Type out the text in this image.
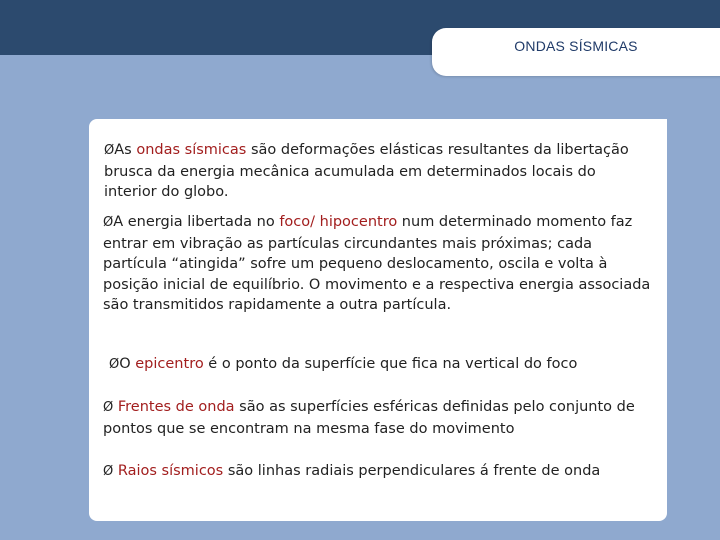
ONDAS SÍSMICAS

ØAs ondas sísmicas são deformações elásticas resultantes da libertação brusca da energia mecânica acumulada em determinados locais do interior do globo.

ØA energia libertada no foco/ hipocentro num determinado momento faz entrar em vibração as partículas circundantes mais próximas; cada partícula “atingida” sofre um pequeno deslocamento, oscila e volta à posição inicial de equilíbrio. O movimento e a respectiva energia associada são transmitidos rapidamente a outra partícula.

ØO epicentro é o ponto da superfície que fica na vertical do foco

Ø Frentes de onda são as superfícies esféricas definidas pelo conjunto de pontos que se encontram na mesma fase do movimento

Ø Raios sísmicos são linhas radiais perpendiculares á frente de onda
